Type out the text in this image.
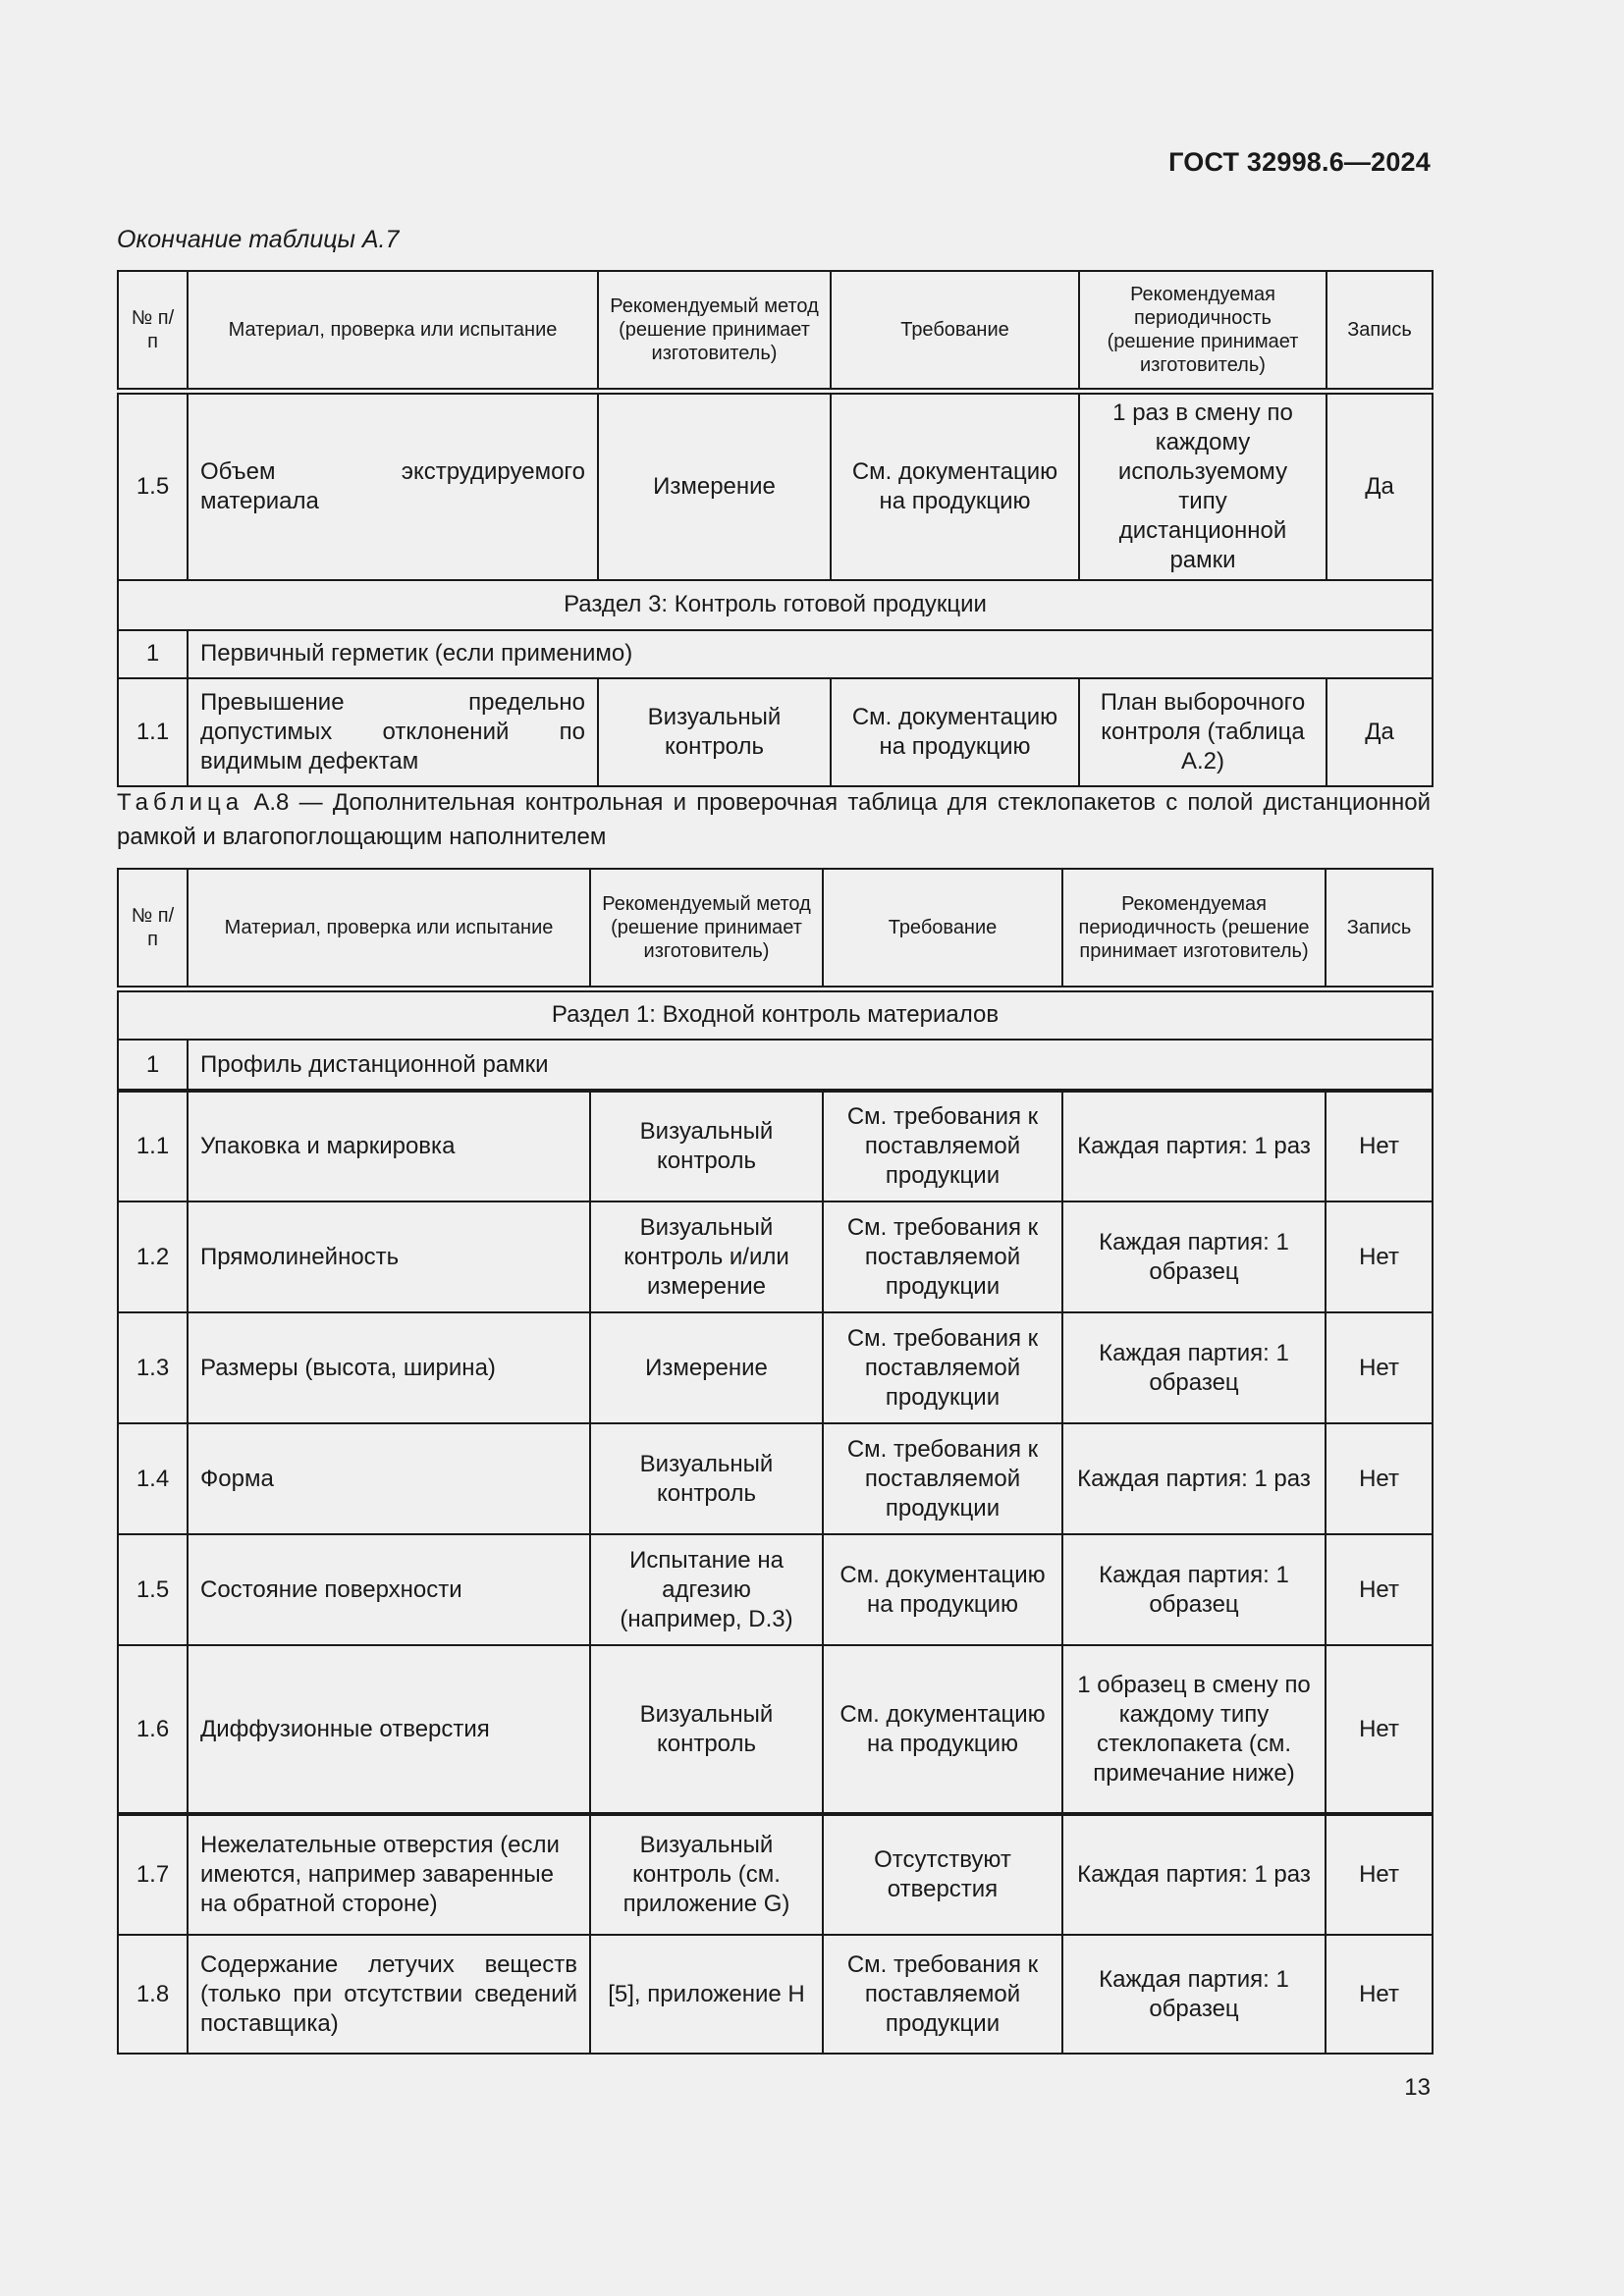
ГОСТ 32998.6—2024
Окончание таблицы А.7
№ п/п	Материал, проверка или испытание	Рекомендуемый метод (решение принимает изготовитель)	Требование	Рекомендуемая периодичность (решение принимает изготовитель)	Запись
1.5	Объем экструдируемого материала	Измерение	См. документацию на продукцию	1 раз в смену по каждому используемому типу дистанционной рамки	Да
Раздел 3: Контроль готовой продукции					
1	Первичный герметик (если применимо)				
1.1	Превышение предельно допустимых отклонений по видимым дефектам	Визуальный контроль	См. документацию на продукцию	План выборочного контроля (таблица А.2)	Да
Таблица А.8 — Дополнительная контрольная и проверочная таблица для стеклопакетов с полой дистанционной рамкой и влагопоглощающим наполнителем
№ п/п	Материал, проверка или испытание	Рекомендуемый метод (решение принимает изготовитель)	Требование	Рекомендуемая периодичность (решение принимает изготовитель)	Запись
Раздел 1: Входной контроль материалов					
1	Профиль дистанционной рамки				
1.1	Упаковка и маркировка	Визуальный контроль	См. требования к поставляемой продукции	Каждая партия: 1 раз	Нет
1.2	Прямолинейность	Визуальный контроль и/или измерение	См. требования к поставляемой продукции	Каждая партия: 1 образец	Нет
1.3	Размеры (высота, ширина)	Измерение	См. требования к поставляемой продукции	Каждая партия: 1 образец	Нет
1.4	Форма	Визуальный контроль	См. требования к поставляемой продукции	Каждая партия: 1 раз	Нет
1.5	Состояние поверхности	Испытание на адгезию (например, D.3)	См. документацию на продукцию	Каждая партия: 1 образец	Нет
1.6	Диффузионные отверстия	Визуальный контроль	См. документацию на продукцию	1 образец в смену по каждому типу стеклопакета (см. примечание ниже)	Нет
1.7	Нежелательные отверстия (если имеются, например заваренные на обратной стороне)	Визуальный контроль (см. приложение G)	Отсутствуют отверстия	Каждая партия: 1 раз	Нет
1.8	Содержание летучих веществ (только при отсутствии сведений поставщика)	[5], приложение H	См. требования к поставляемой продукции	Каждая партия: 1 образец	Нет
13
